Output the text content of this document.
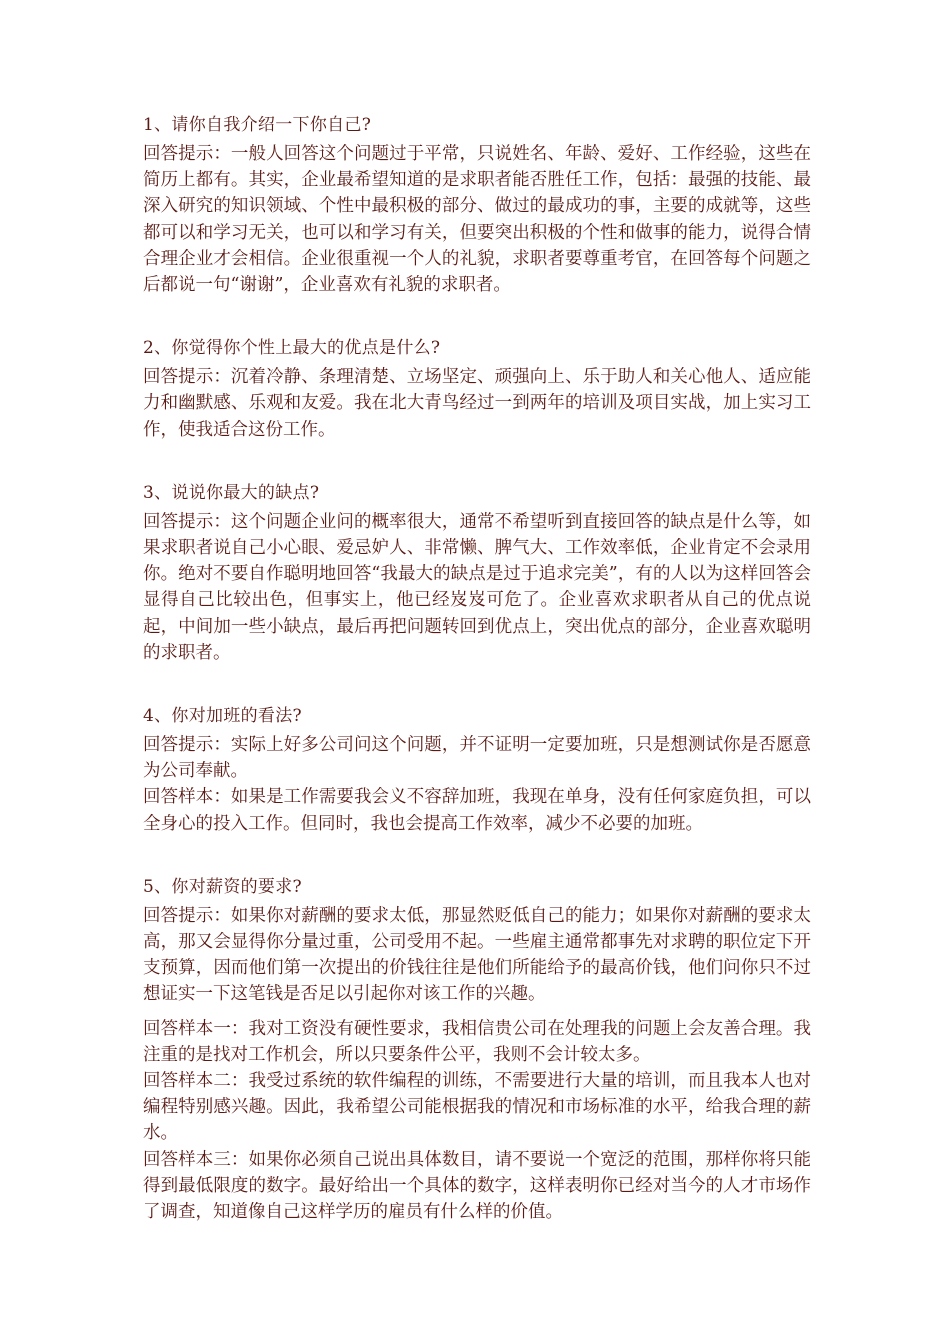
1、请你自我介绍一下你自己?

回答提示：一般人回答这个问题过于平常，只说姓名、年龄、爱好、工作经验，这些在简历上都有。其实，企业最希望知道的是求职者能否胜任工作，包括：最强的技能、最深入研究的知识领域、个性中最积极的部分、做过的最成功的事，主要的成就等，这些都可以和学习无关，也可以和学习有关，但要突出积极的个性和做事的能力，说得合情合理企业才会相信。企业很重视一个人的礼貌，求职者要尊重考官，在回答每个问题之后都说一句“谢谢”，企业喜欢有礼貌的求职者。

2、你觉得你个性上最大的优点是什么?

回答提示：沉着冷静、条理清楚、立场坚定、顽强向上、乐于助人和关心他人、适应能力和幽默感、乐观和友爱。我在北大青鸟经过一到两年的培训及项目实战，加上实习工作，使我适合这份工作。

3、说说你最大的缺点?

回答提示：这个问题企业问的概率很大，通常不希望听到直接回答的缺点是什么等，如果求职者说自己小心眼、爱忌妒人、非常懒、脾气大、工作效率低，企业肯定不会录用你。绝对不要自作聪明地回答“我最大的缺点是过于追求完美”，有的人以为这样回答会显得自己比较出色，但事实上，他已经岌岌可危了。企业喜欢求职者从自己的优点说起，中间加一些小缺点，最后再把问题转回到优点上，突出优点的部分，企业喜欢聪明的求职者。

4、你对加班的看法?

回答提示：实际上好多公司问这个问题，并不证明一定要加班，只是想测试你是否愿意为公司奉献。

回答样本：如果是工作需要我会义不容辞加班，我现在单身，没有任何家庭负担，可以全身心的投入工作。但同时，我也会提高工作效率，减少不必要的加班。

5、你对薪资的要求?

回答提示：如果你对薪酬的要求太低，那显然贬低自己的能力；如果你对薪酬的要求太高，那又会显得你分量过重，公司受用不起。一些雇主通常都事先对求聘的职位定下开支预算，因而他们第一次提出的价钱往往是他们所能给予的最高价钱，他们问你只不过想证实一下这笔钱是否足以引起你对该工作的兴趣。

回答样本一：我对工资没有硬性要求，我相信贵公司在处理我的问题上会友善合理。我注重的是找对工作机会，所以只要条件公平，我则不会计较太多。

回答样本二：我受过系统的软件编程的训练，不需要进行大量的培训，而且我本人也对编程特别感兴趣。因此，我希望公司能根据我的情况和市场标准的水平，给我合理的薪水。

回答样本三：如果你必须自己说出具体数目，请不要说一个宽泛的范围，那样你将只能得到最低限度的数字。最好给出一个具体的数字，这样表明你已经对当今的人才市场作了调查，知道像自己这样学历的雇员有什么样的价值。
